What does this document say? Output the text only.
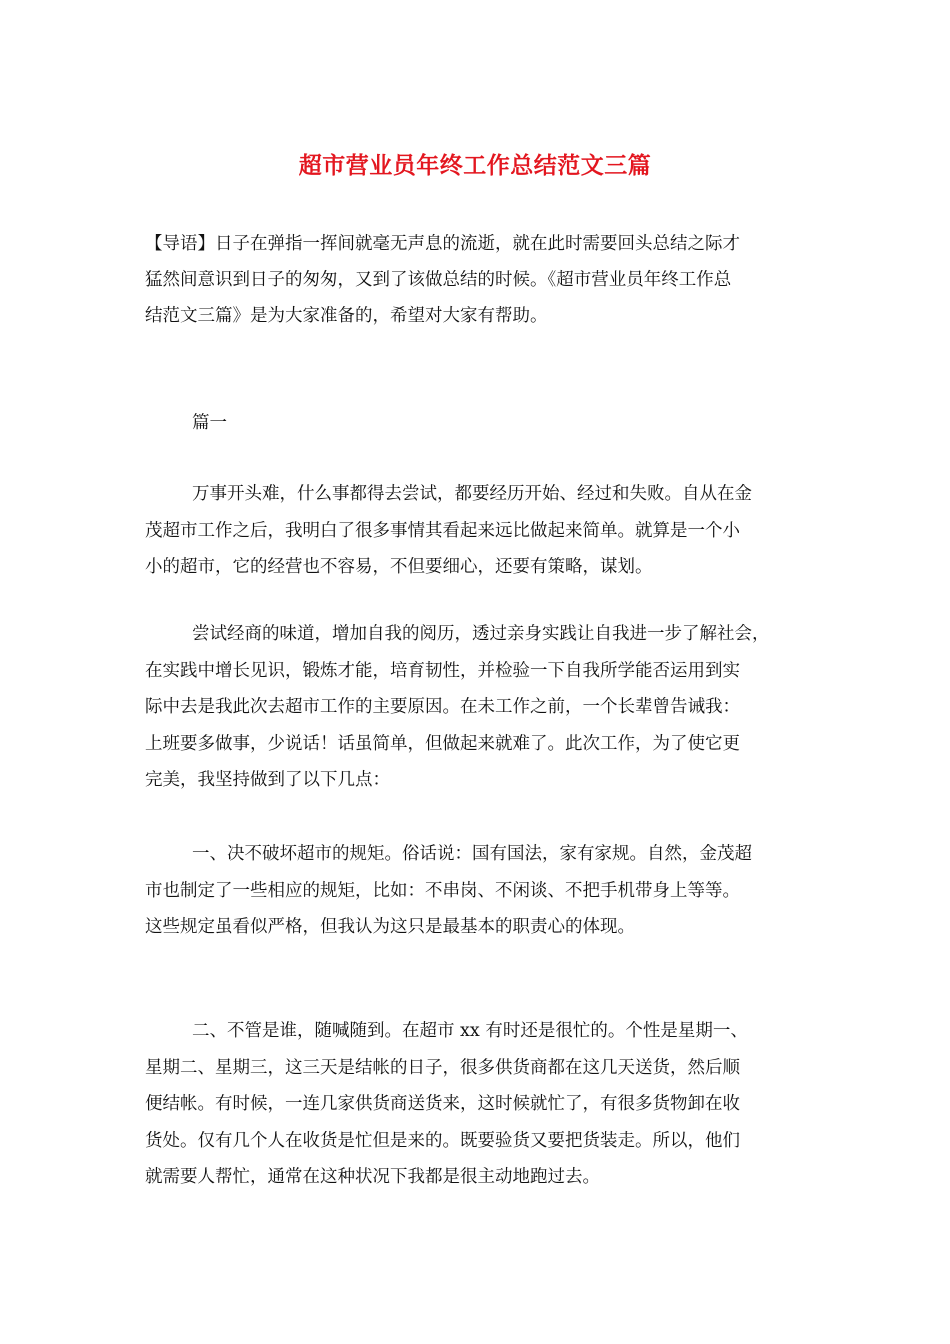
超市营业员年终工作总结范文三篇
【导语】日子在弹指一挥间就毫无声息的流逝，就在此时需要回头总结之际才
猛然间意识到日子的匆匆，又到了该做总结的时候。《超市营业员年终工作总
结范文三篇》是为大家准备的，希望对大家有帮助。
篇一
万事开头难，什么事都得去尝试，都要经历开始、经过和失败。自从在金
茂超市工作之后，我明白了很多事情其看起来远比做起来简单。就算是一个小
小的超市，它的经营也不容易，不但要细心，还要有策略，谋划。
尝试经商的味道，增加自我的阅历，透过亲身实践让自我进一步了解社会，
在实践中增长见识，锻炼才能，培育韧性，并检验一下自我所学能否运用到实
际中去是我此次去超市工作的主要原因。在未工作之前，一个长辈曾告诫我：
上班要多做事，少说话！话虽简单，但做起来就难了。此次工作，为了使它更
完美，我坚持做到了以下几点：
一、决不破坏超市的规矩。俗话说：国有国法，家有家规。自然，金茂超
市也制定了一些相应的规矩，比如：不串岗、不闲谈、不把手机带身上等等。
这些规定虽看似严格，但我认为这只是最基本的职责心的体现。
二、不管是谁，随喊随到。在超市 xx 有时还是很忙的。个性是星期一、
星期二、星期三，这三天是结帐的日子，很多供货商都在这几天送货，然后顺
便结帐。有时候，一连几家供货商送货来，这时候就忙了，有很多货物卸在收
货处。仅有几个人在收货是忙但是来的。既要验货又要把货装走。所以，他们
就需要人帮忙，通常在这种状况下我都是很主动地跑过去。
